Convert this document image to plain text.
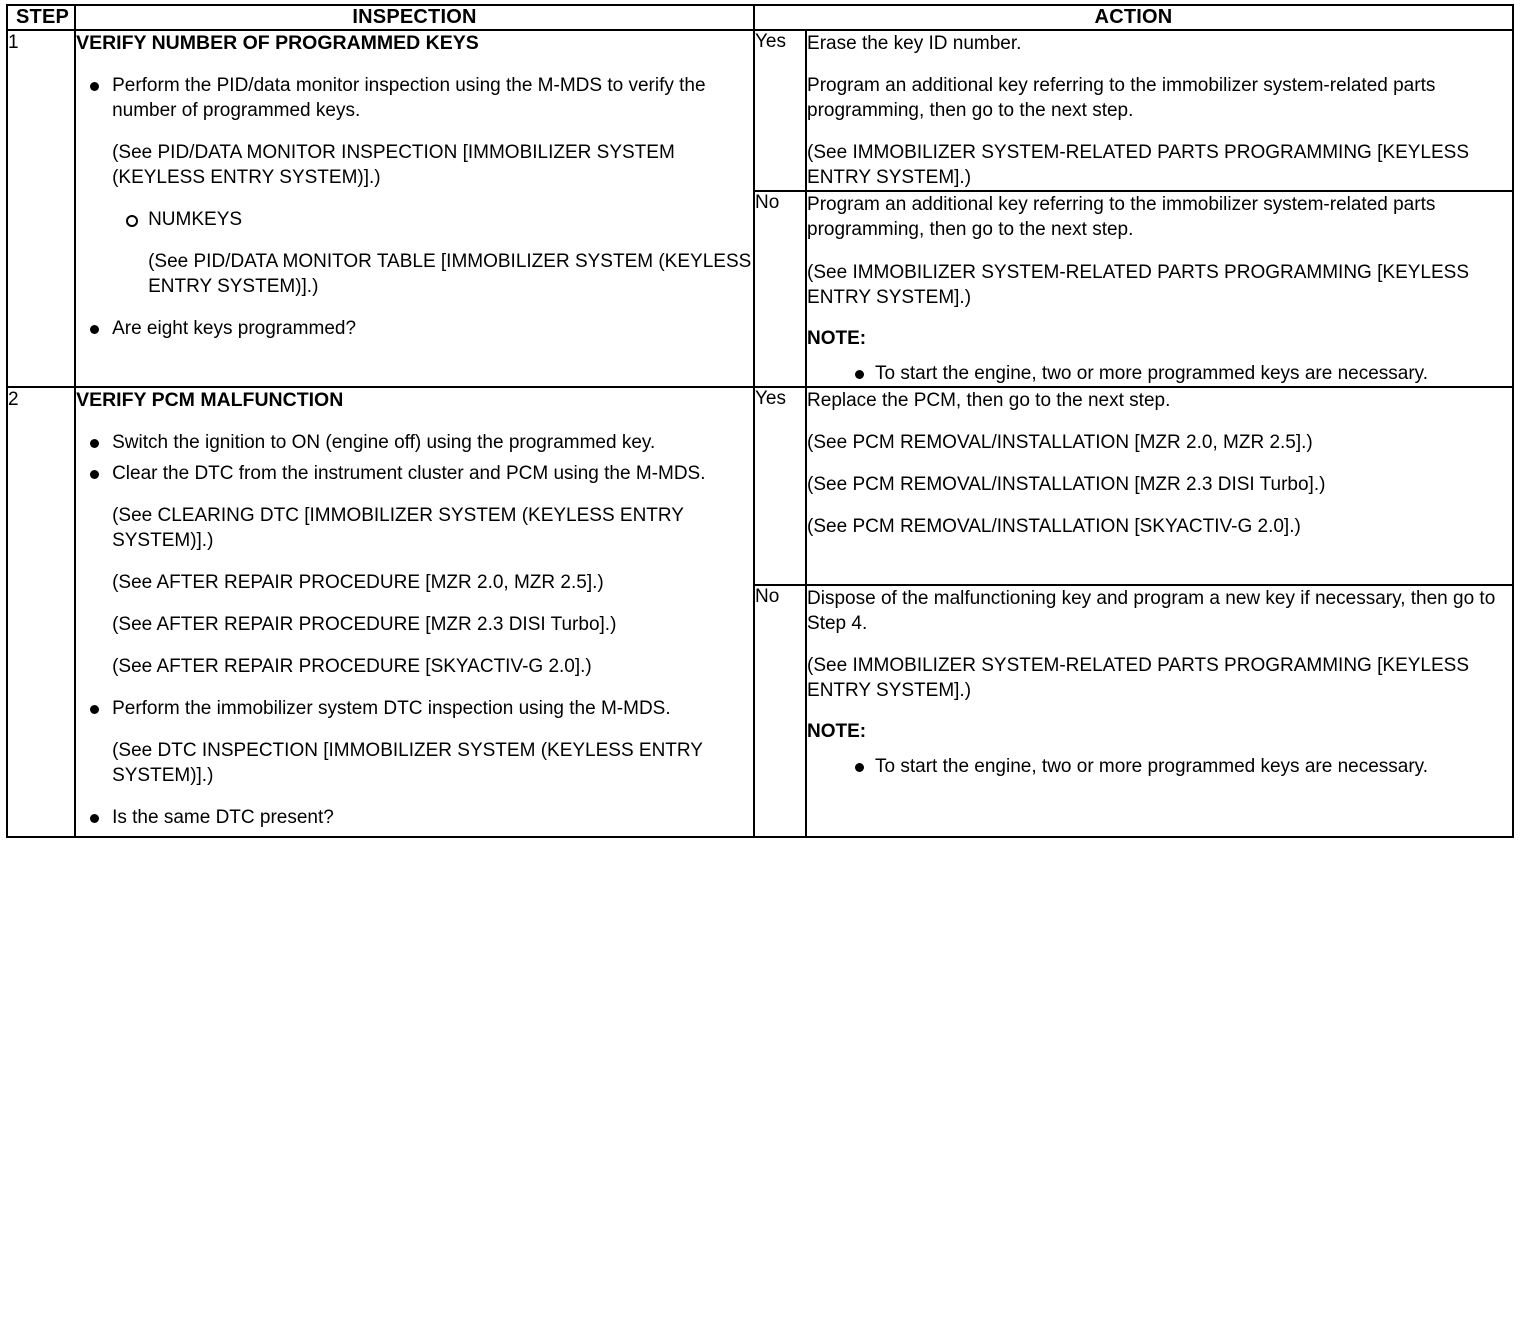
STEP	INSPECTION	ACTION	
1	VERIFY NUMBER OF PROGRAMMED KEYS
Perform the PID/data monitor inspection using the M-MDS to verify the number of programmed keys.
(See PID/DATA MONITOR INSPECTION [IMMOBILIZER SYSTEM (KEYLESS ENTRY SYSTEM)].)
NUMKEYS
(See PID/DATA MONITOR TABLE [IMMOBILIZER SYSTEM (KEYLESS ENTRY SYSTEM)].)
Are eight keys programmed?
	Yes	Erase the key ID number.
Program an additional key referring to the immobilizer system-related parts programming, then go to the next step.
(See IMMOBILIZER SYSTEM-RELATED PARTS PROGRAMMING [KEYLESS ENTRY SYSTEM].)

No	Program an additional key referring to the immobilizer system-related parts programming, then go to the next step.
(See IMMOBILIZER SYSTEM-RELATED PARTS PROGRAMMING [KEYLESS ENTRY SYSTEM].)
NOTE:
To start the engine, two or more programmed keys are necessary.

2	VERIFY PCM MALFUNCTION
Switch the ignition to ON (engine off) using the programmed key.
Clear the DTC from the instrument cluster and PCM using the M-MDS.
(See CLEARING DTC [IMMOBILIZER SYSTEM (KEYLESS ENTRY SYSTEM)].)
(See AFTER REPAIR PROCEDURE [MZR 2.0, MZR 2.5].)
(See AFTER REPAIR PROCEDURE [MZR 2.3 DISI Turbo].)
(See AFTER REPAIR PROCEDURE [SKYACTIV-G 2.0].)
Perform the immobilizer system DTC inspection using the M-MDS.
(See DTC INSPECTION [IMMOBILIZER SYSTEM (KEYLESS ENTRY SYSTEM)].)
Is the same DTC present?
	Yes	Replace the PCM, then go to the next step.
(See PCM REMOVAL/INSTALLATION [MZR 2.0, MZR 2.5].)
(See PCM REMOVAL/INSTALLATION [MZR 2.3 DISI Turbo].)
(See PCM REMOVAL/INSTALLATION [SKYACTIV-G 2.0].)

No	Dispose of the malfunctioning key and program a new key if necessary, then go to Step 4.
(See IMMOBILIZER SYSTEM-RELATED PARTS PROGRAMMING [KEYLESS ENTRY SYSTEM].)
NOTE:
To start the engine, two or more programmed keys are necessary.
